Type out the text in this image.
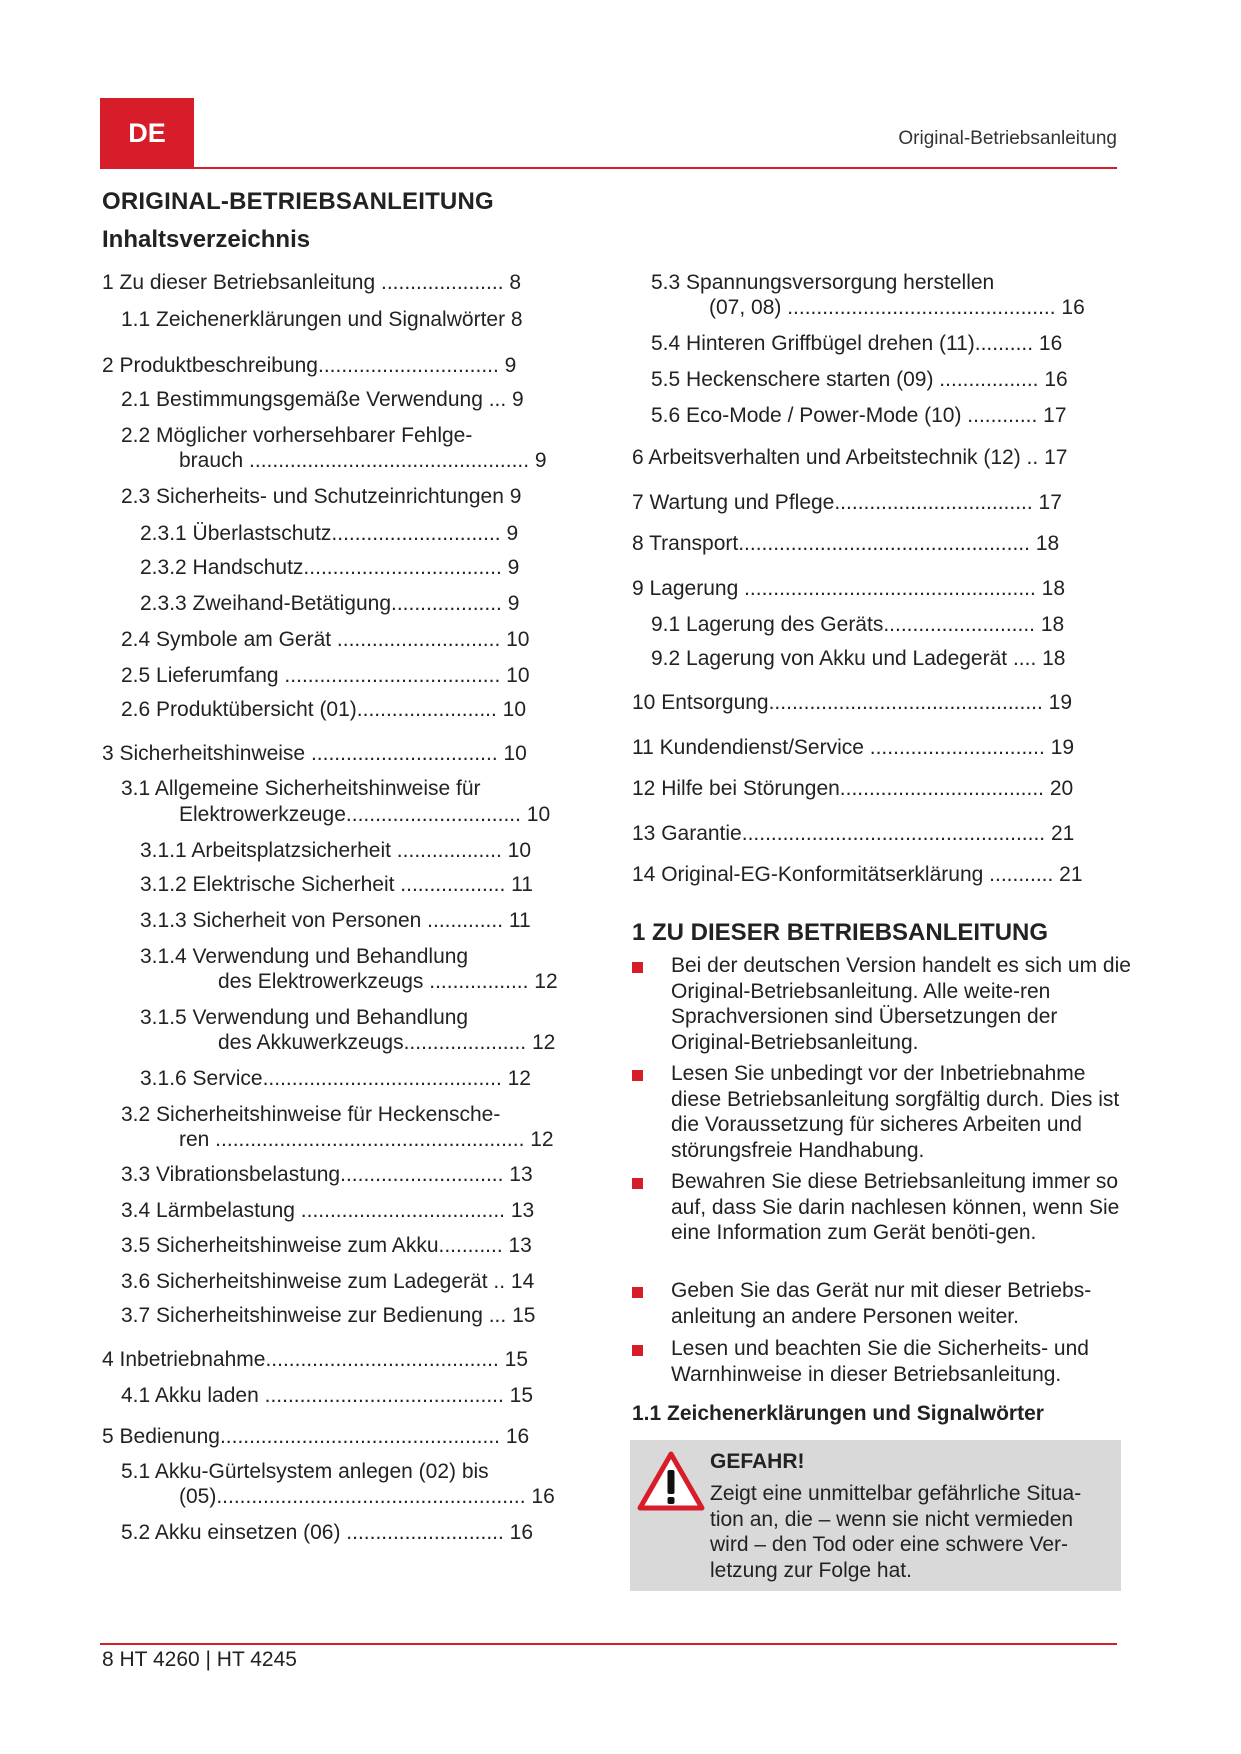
DE	Original-Betriebsanleitung
ORIGINAL-BETRIEBSANLEITUNG
Inhaltsverzeichnis
1 Zu dieser Betriebsanleitung ..................... 8
1.1 Zeichenerklärungen und Signalwörter 8
2 Produktbeschreibung............................... 9
2.1 Bestimmungsgemäße Verwendung ... 9
2.2 Möglicher vorhersehbarer Fehlge-
brauch ................................................ 9
2.3 Sicherheits- und Schutzeinrichtungen 9
2.3.1 Überlastschutz............................. 9
2.3.2 Handschutz.................................. 9
2.3.3 Zweihand-Betätigung................... 9
2.4 Symbole am Gerät ............................ 10
2.5 Lieferumfang ..................................... 10
2.6 Produktübersicht (01)........................ 10
3 Sicherheitshinweise ................................ 10
3.1 Allgemeine Sicherheitshinweise für
Elektrowerkzeuge.............................. 10
3.1.1 Arbeitsplatzsicherheit .................. 10
3.1.2 Elektrische Sicherheit .................. 11
3.1.3 Sicherheit von Personen ............. 11
3.1.4 Verwendung und Behandlung
des Elektrowerkzeugs ................. 12
3.1.5 Verwendung und Behandlung
des Akkuwerkzeugs..................... 12
3.1.6 Service......................................... 12
3.2 Sicherheitshinweise für Heckensche-
ren ..................................................... 12
3.3 Vibrationsbelastung............................ 13
3.4 Lärmbelastung ................................... 13
3.5 Sicherheitshinweise zum Akku........... 13
3.6 Sicherheitshinweise zum Ladegerät .. 14
3.7 Sicherheitshinweise zur Bedienung ... 15
4 Inbetriebnahme........................................ 15
4.1 Akku laden ......................................... 15
5 Bedienung................................................ 16
5.1 Akku-Gürtelsystem anlegen (02) bis
(05)..................................................... 16
5.2 Akku einsetzen (06) ........................... 16
5.3 Spannungsversorgung herstellen
(07, 08) .............................................. 16
5.4 Hinteren Griffbügel drehen (11).......... 16
5.5 Heckenschere starten (09) ................. 16
5.6 Eco-Mode / Power-Mode (10) ............ 17
6 Arbeitsverhalten und Arbeitstechnik (12) .. 17
7 Wartung und Pflege.................................. 17
8 Transport.................................................. 18
9 Lagerung .................................................. 18
9.1 Lagerung des Geräts.......................... 18
9.2 Lagerung von Akku und Ladegerät .... 18
10 Entsorgung............................................... 19
11 Kundendienst/Service .............................. 19
12 Hilfe bei Störungen................................... 20
13 Garantie.................................................... 21
14 Original-EG-Konformitätserklärung ........... 21
1 ZU DIESER BETRIEBSANLEITUNG
Bei der deutschen Version handelt es sich um die Original-Betriebsanleitung. Alle weite-ren Sprachversionen sind Übersetzungen der Original-Betriebsanleitung.
Lesen Sie unbedingt vor der Inbetriebnahme diese Betriebsanleitung sorgfältig durch. Dies ist die Voraussetzung für sicheres Arbeiten und störungsfreie Handhabung.
Bewahren Sie diese Betriebsanleitung immer so auf, dass Sie darin nachlesen können, wenn Sie eine Information zum Gerät benöti-gen.
Geben Sie das Gerät nur mit dieser Betriebs-anleitung an andere Personen weiter.
Lesen und beachten Sie die Sicherheits- und Warnhinweise in dieser Betriebsanleitung.
1.1 Zeichenerklärungen und Signalwörter
GEFAHR!
Zeigt eine unmittelbar gefährliche Situa-tion an, die – wenn sie nicht vermieden wird – den Tod oder eine schwere Ver-letzung zur Folge hat.
8 HT 4260 | HT 4245
